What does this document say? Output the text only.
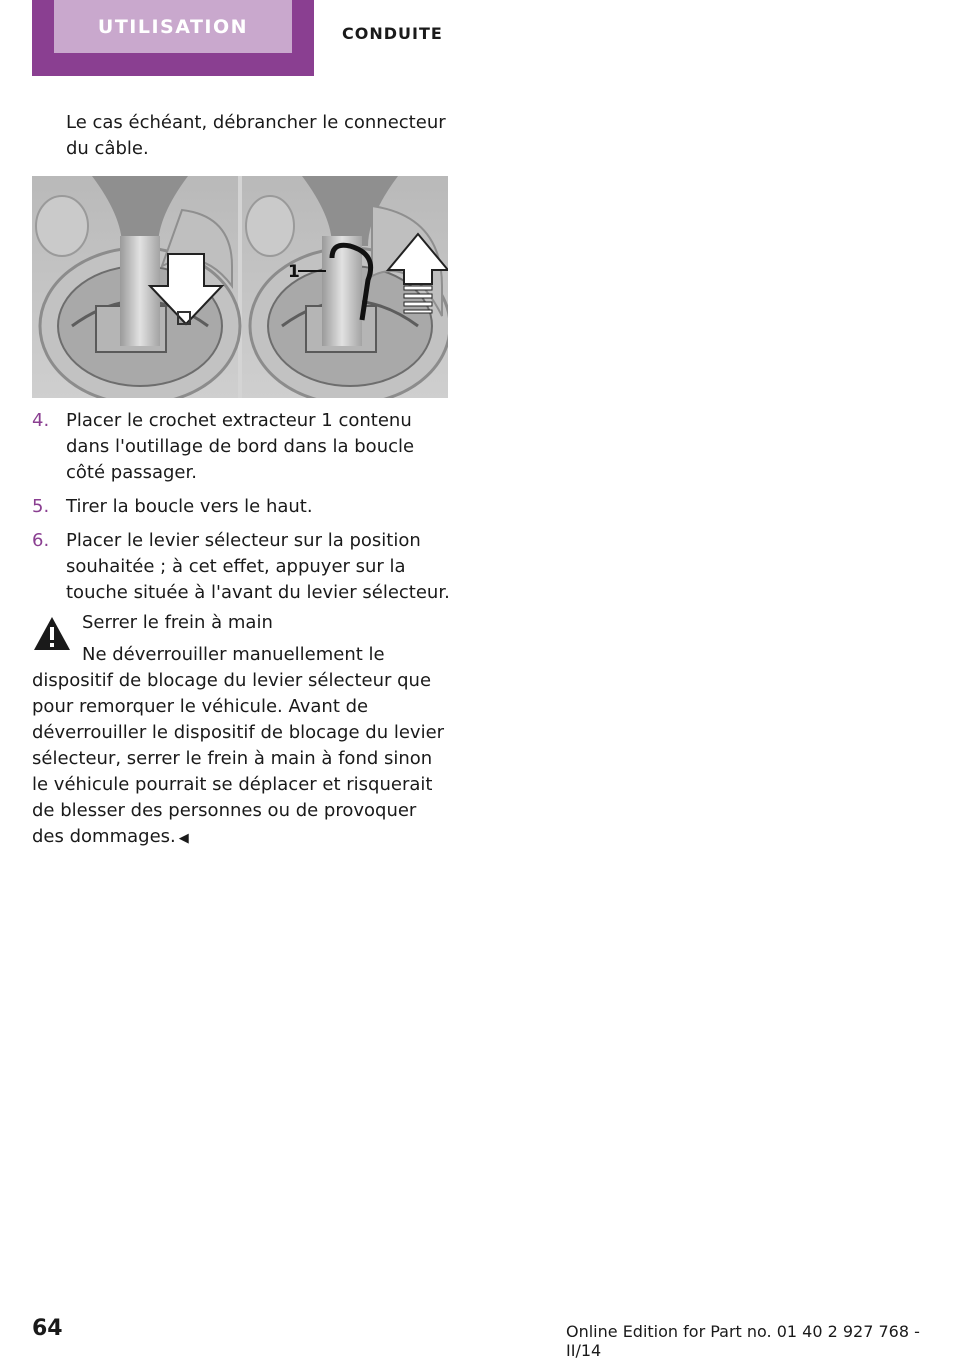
UTILISATION	CONDUITE
Le cas échéant, débrancher le connecteur du câble.
1
4. Placer le crochet extracteur 1 contenu dans l'outillage de bord dans la boucle côté passager.
5. Tirer la boucle vers le haut.
6. Placer le levier sélecteur sur la position souhaitée ; à cet effet, appuyer sur la touche située à l'avant du levier sélecteur.
Serrer le frein à main
Ne déverrouiller manuellement le dispositif de blocage du levier sélecteur que pour remorquer le véhicule. Avant de déverrouiller le dispositif de blocage du levier sélecteur, serrer le frein à main à fond sinon le véhicule pourrait se déplacer et risquerait de blesser des personnes ou de provoquer des dommages. ◀
64	Online Edition for Part no. 01 40 2 927 768 - II/14
